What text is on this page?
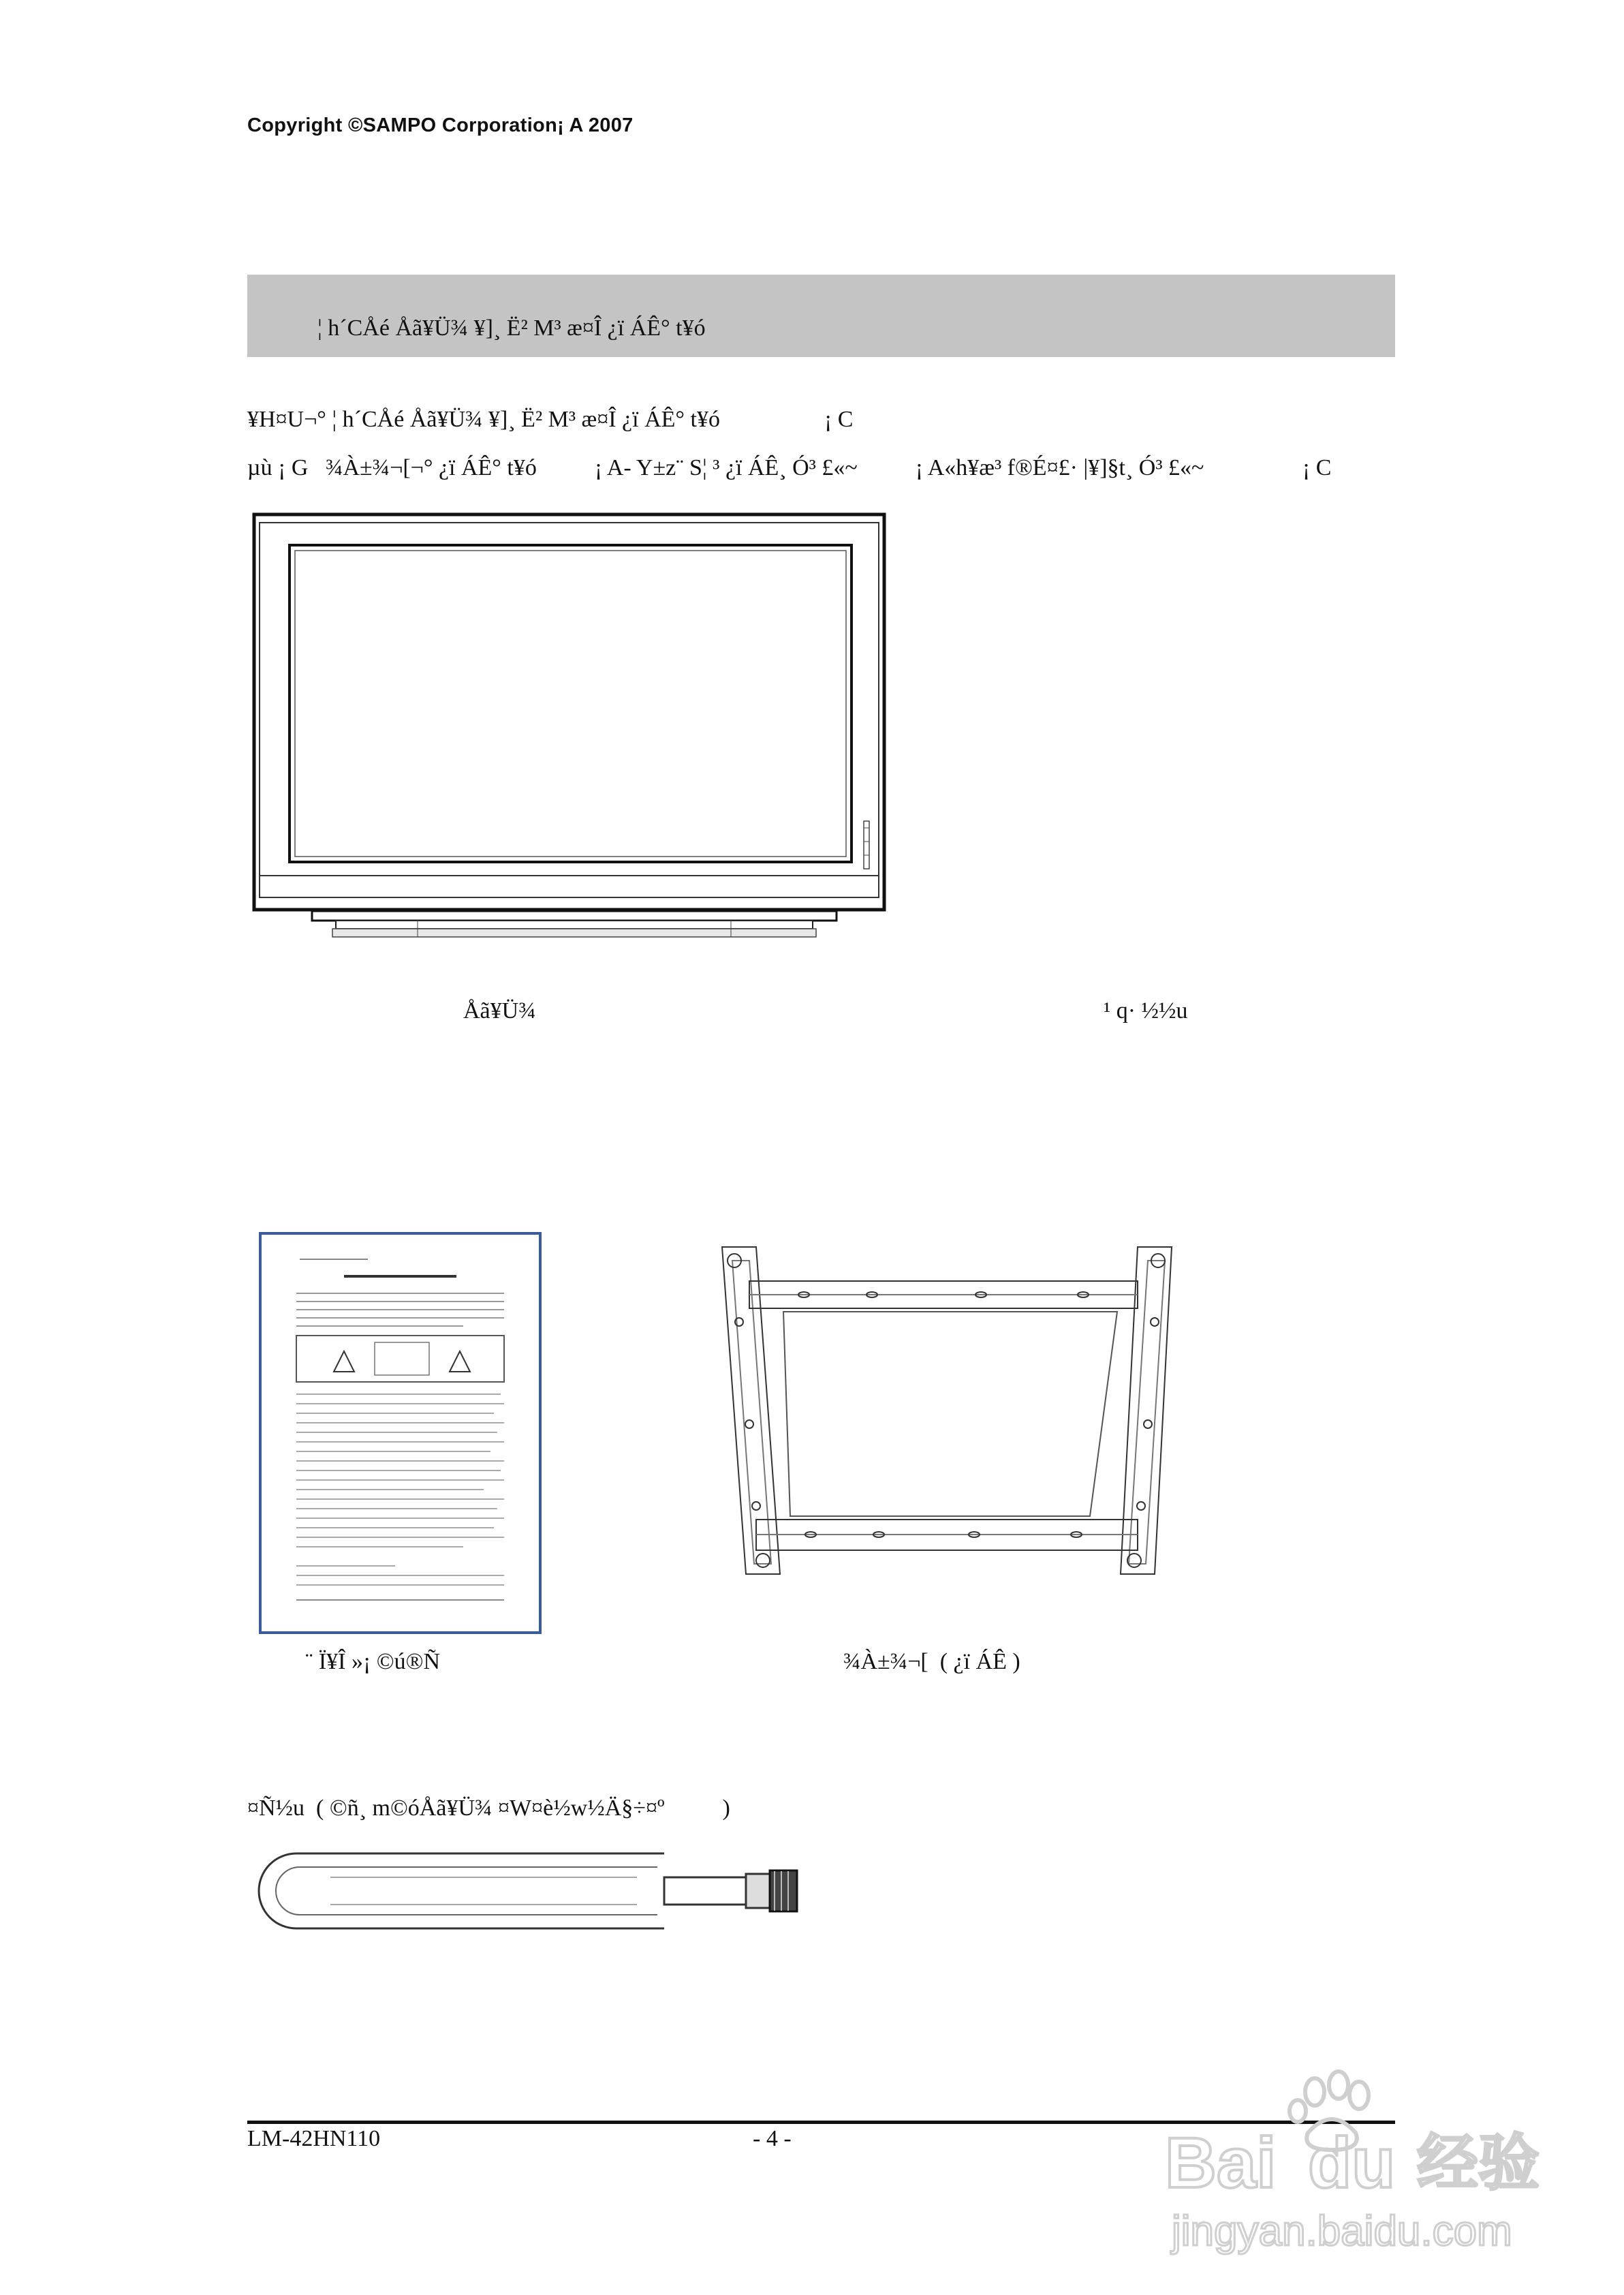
Copyright ©SAMPO Corporation¡ A 2007
¦ h´CÅé Åã¥Ü¾ ¥]¸ Ë² M³ æ¤Î ¿ï ÁÊ° t¥ó
¥H¤U¬° ¦ h´CÅé Åã¥Ü¾ ¥]¸ Ë² M³ æ¤Î ¿ï ÁÊ° t¥ó                  ¡ C
µù ¡ G   ¾À±¾¬[¬° ¿ï ÁÊ° t¥ó          ¡ A- Y±z¨ S¦ ³ ¿ï ÁÊ¸ Ó³ £«~          ¡ A«h¥æ³ f®É¤£· |¥]§t¸ Ó³ £«~                 ¡ C
Åã¥Ü¾	¹ q· ½½u
¨ Ï¥Î »¡ ©ú®Ñ	¾À±¾¬[  ( ¿ï ÁÊ )
¤Ñ½u  ( ©ñ¸ m©óÅã¥Ü¾ ¤W¤è½w½Ä§÷¤º          )
LM-42HN110	- 4 -	Bai du 经验
jingyan.baidu.com
